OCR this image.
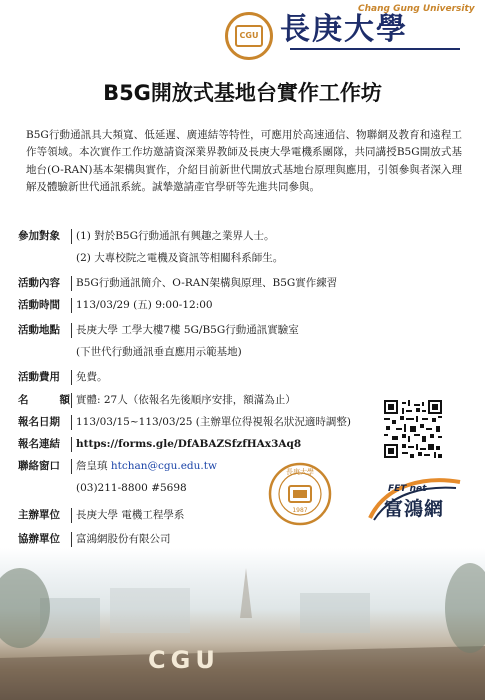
CGU
Chang Gung University
長庚大學
B5G開放式基地台實作工作坊
B5G行動通訊具大頻寬、低延遲、廣連結等特性，可應用於高速通信、物聯網及教育和遠程工作等領域。本次實作工作坊邀請資深業界教師及長庚大學電機系團隊，共同講授B5G開放式基地台(O-RAN)基本架構與實作，介紹目前新世代開放式基地台原理與應用，引領參與者深入理解及體驗新世代通訊系統。誠摯邀請產官學研等先進共同參與。
參加對象	(1) 對於B5G行動通訊有興趣之業界人士。
(2) 大專校院之電機及資訊等相關科系師生。
活動內容	B5G行動通訊簡介、O-RAN架構與原理、B5G實作練習
活動時間	113/03/29 (五) 9:00-12:00
活動地點	長庚大學 工學大樓7樓 5G/B5G行動通訊實驗室
(下世代行動通訊垂直應用示範基地)
活動費用	免費。
名	額 實體: 27人（依報名先後順序安排，額滿為止）
報名日期	113/03/15~113/03/25 (主辦單位得視報名狀況適時調整)
報名連結	https://forms.gle/DfABAZSfzfHAx3Aq8
聯絡窗口	詹皇瑱 htchan@cgu.edu.tw
(03)211-8800 #5698
主辦單位	長庚大學 電機工程學系
協辦單位	富鴻網股份有限公司
長庚大學
1987
FET net
富鴻網
CGU
